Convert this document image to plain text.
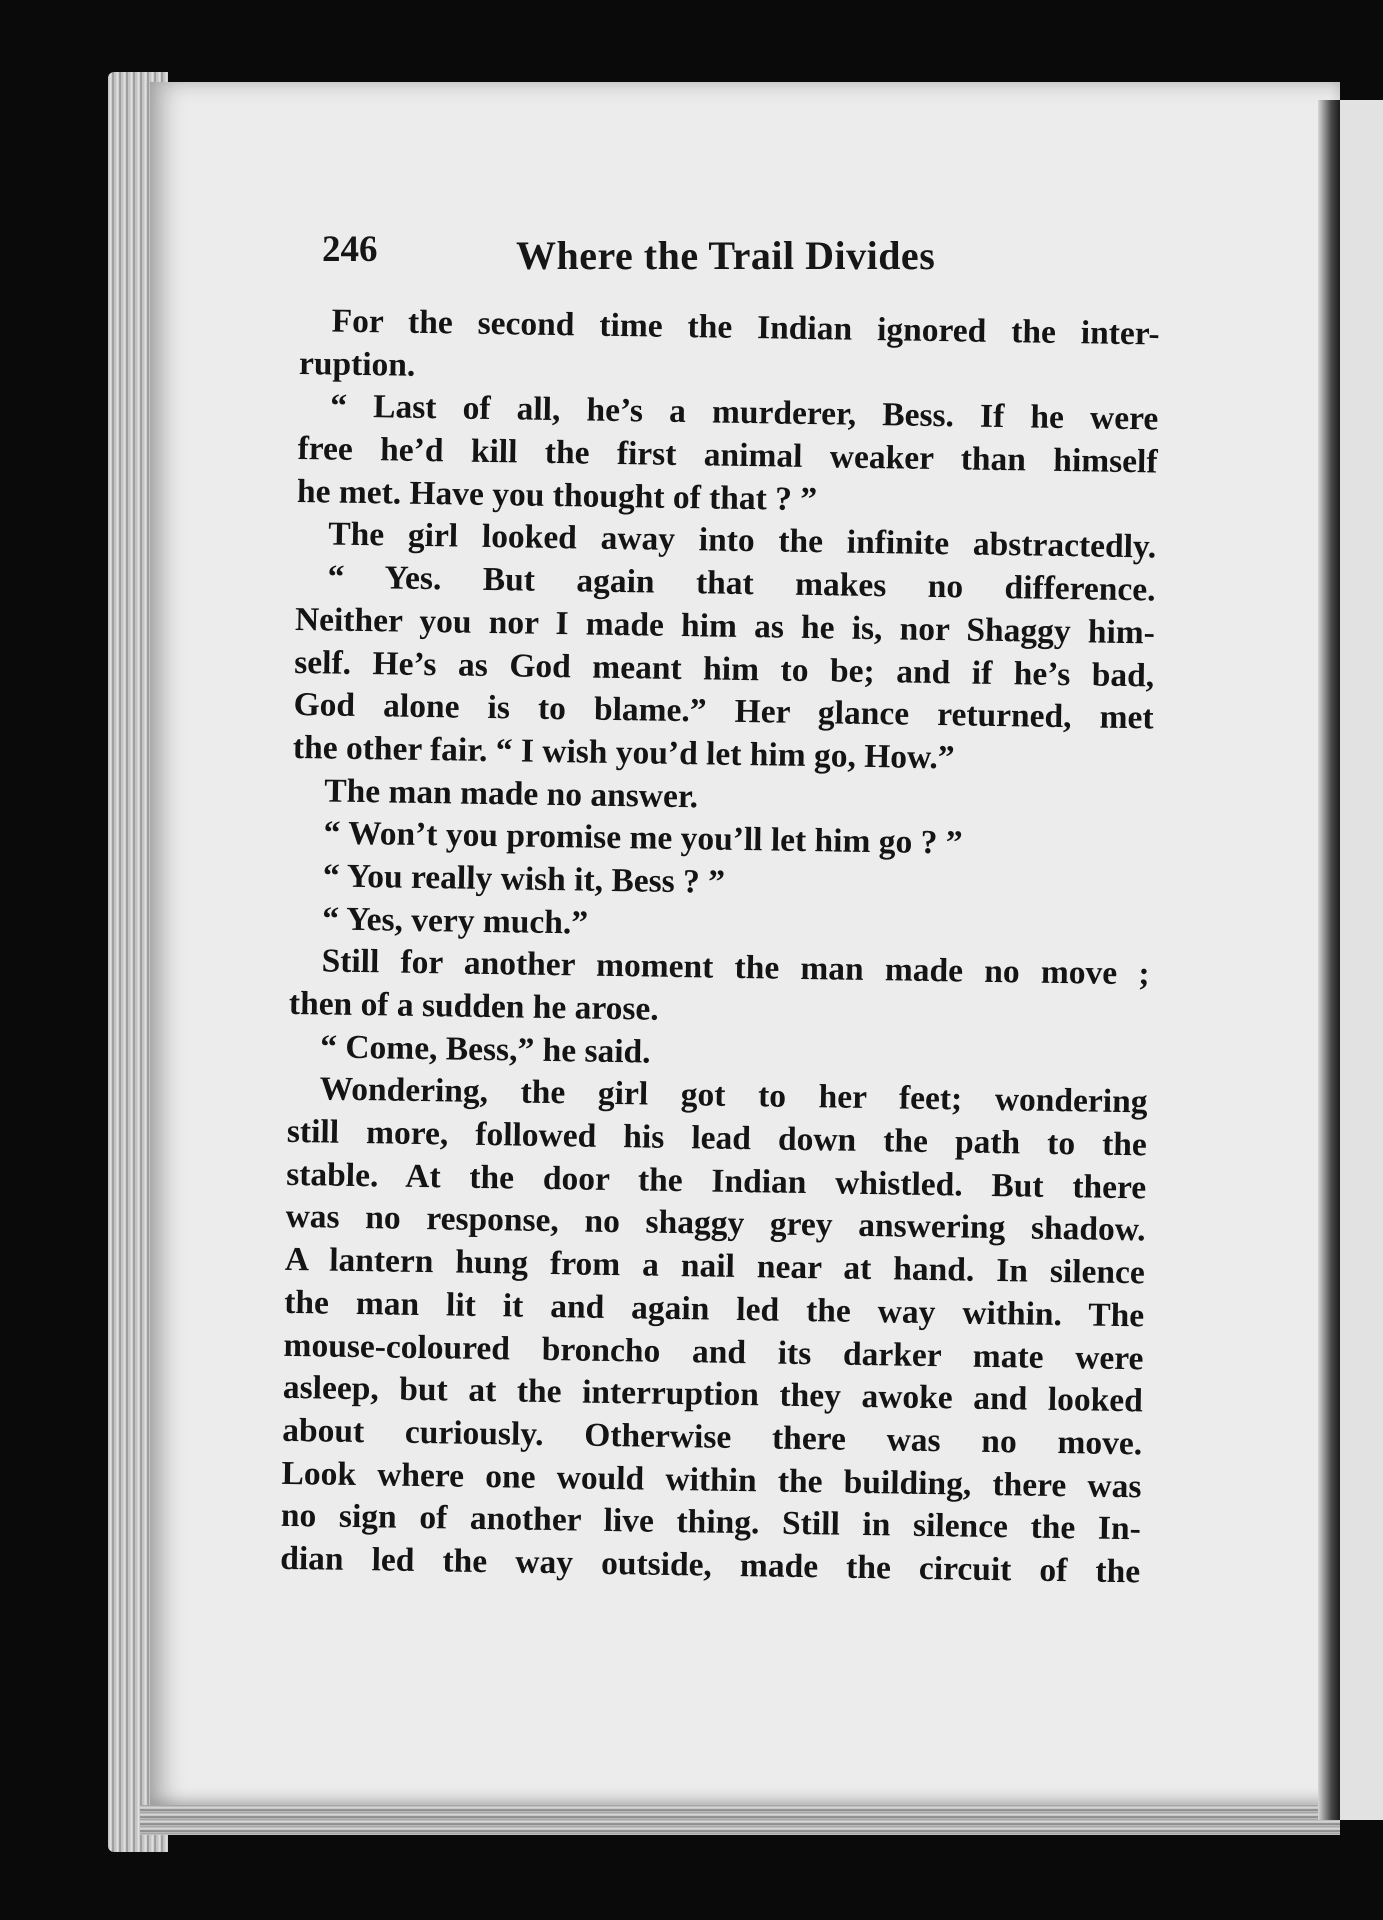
246	Where the Trail Divides
For the second time the Indian ignored the inter-
ruption.
“ Last of all, he’s a murderer, Bess. If he were
free he’d kill the first animal weaker than himself
he met. Have you thought of that ? ”
The girl looked away into the infinite abstractedly.
“ Yes. But again that makes no difference.
Neither you nor I made him as he is, nor Shaggy him-
self. He’s as God meant him to be; and if he’s bad,
God alone is to blame.” Her glance returned, met
the other fair. “ I wish you’d let him go, How.”
The man made no answer.
“ Won’t you promise me you’ll let him go ? ”
“ You really wish it, Bess ? ”
“ Yes, very much.”
Still for another moment the man made no move ;
then of a sudden he arose.
“ Come, Bess,” he said.
Wondering, the girl got to her feet; wondering
still more, followed his lead down the path to the
stable. At the door the Indian whistled. But there
was no response, no shaggy grey answering shadow.
A lantern hung from a nail near at hand. In silence
the man lit it and again led the way within. The
mouse-coloured broncho and its darker mate were
asleep, but at the interruption they awoke and looked
about curiously. Otherwise there was no move.
Look where one would within the building, there was
no sign of another live thing. Still in silence the In-
dian led the way outside, made the circuit of the
